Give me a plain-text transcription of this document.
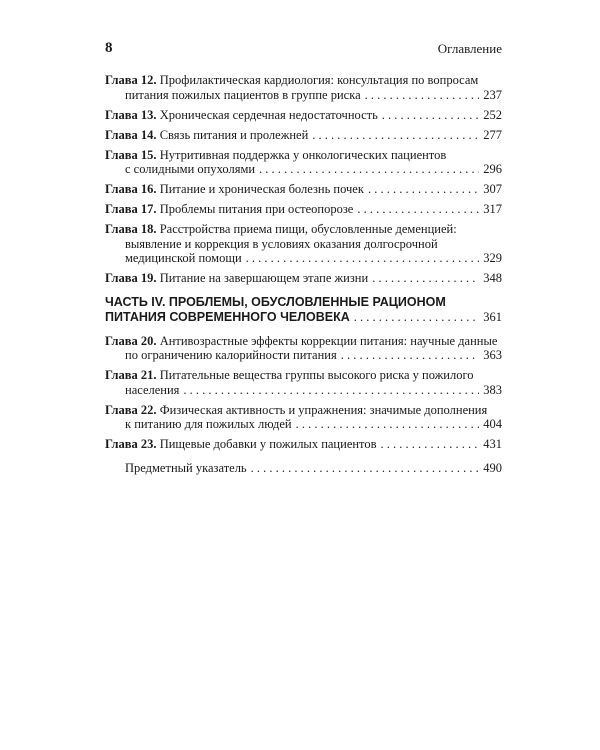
8	Оглавление
Глава 12. Профилактическая кардиология: консультация по вопросам
питания пожилых пациентов в группе риска . . .	237
Глава 13. Хроническая сердечная недостаточность . . .	252
Глава 14. Связь питания и пролежней . . .	277
Глава 15. Нутритивная поддержка у онкологических пациентов
с солидными опухолями . . .	296
Глава 16. Питание и хроническая болезнь почек . . .	307
Глава 17. Проблемы питания при остеопорозе . . .	317
Глава 18. Расстройства приема пищи, обусловленные деменцией:
выявление и коррекция в условиях оказания долгосрочной
медицинской помощи . . .	329
Глава 19. Питание на завершающем этапе жизни . . .	348
ЧАСТЬ IV. ПРОБЛЕМЫ, ОБУСЛОВЛЕННЫЕ РАЦИОНОМ
ПИТАНИЯ СОВРЕМЕННОГО ЧЕЛОВЕКА . . .	361
Глава 20. Антивозрастные эффекты коррекции питания: научные данные
по ограничению калорийности питания . . .	363
Глава 21. Питательные вещества группы высокого риска у пожилого
населения . . .	383
Глава 22. Физическая активность и упражнения: значимые дополнения
к питанию для пожилых людей . . .	404
Глава 23. Пищевые добавки у пожилых пациентов . . .	431
Предметный указатель . . .	490
